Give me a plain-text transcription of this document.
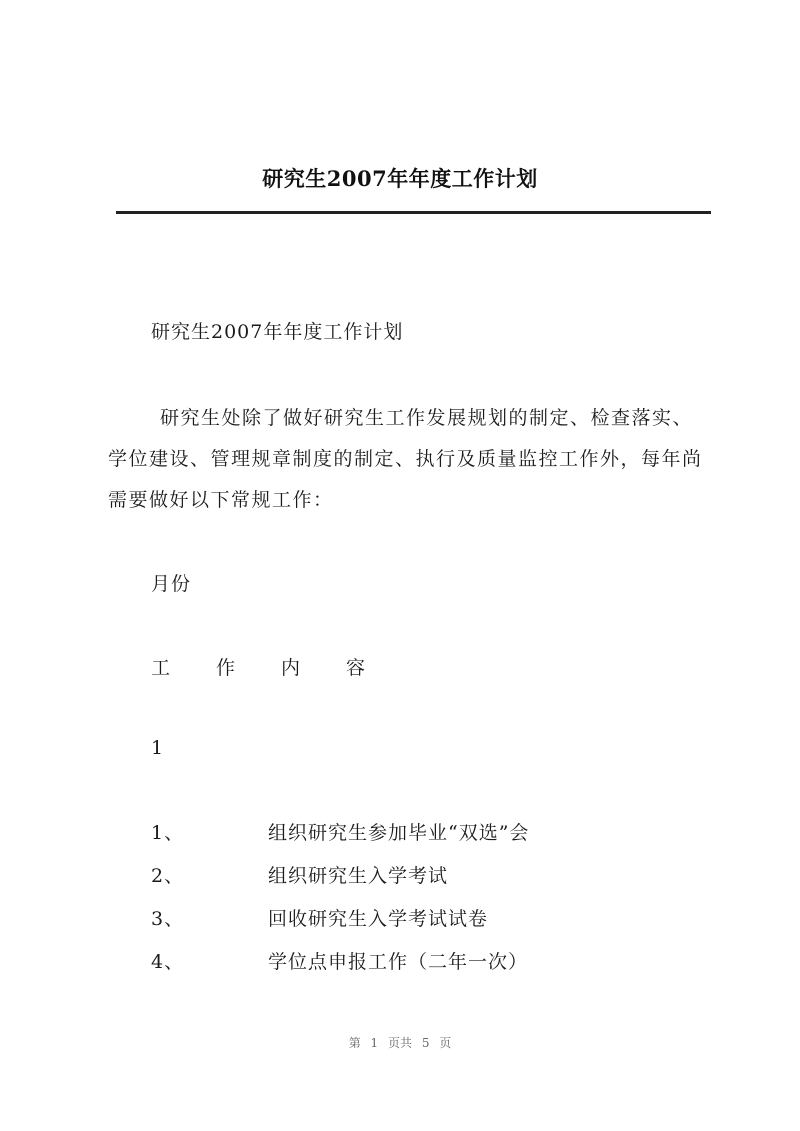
研究生2007年年度工作计划
研究生2007年年度工作计划
研究生处除了做好研究生工作发展规划的制定、检查落实、学位建设、管理规章制度的制定、执行及质量监控工作外，每年尚需要做好以下常规工作：
月份
工 作 内 容
1
1、	组织研究生参加毕业“双选”会
2、	组织研究生入学考试
3、	回收研究生入学考试试卷
4、	学位点申报工作（二年一次）
第 1 页共 5 页
